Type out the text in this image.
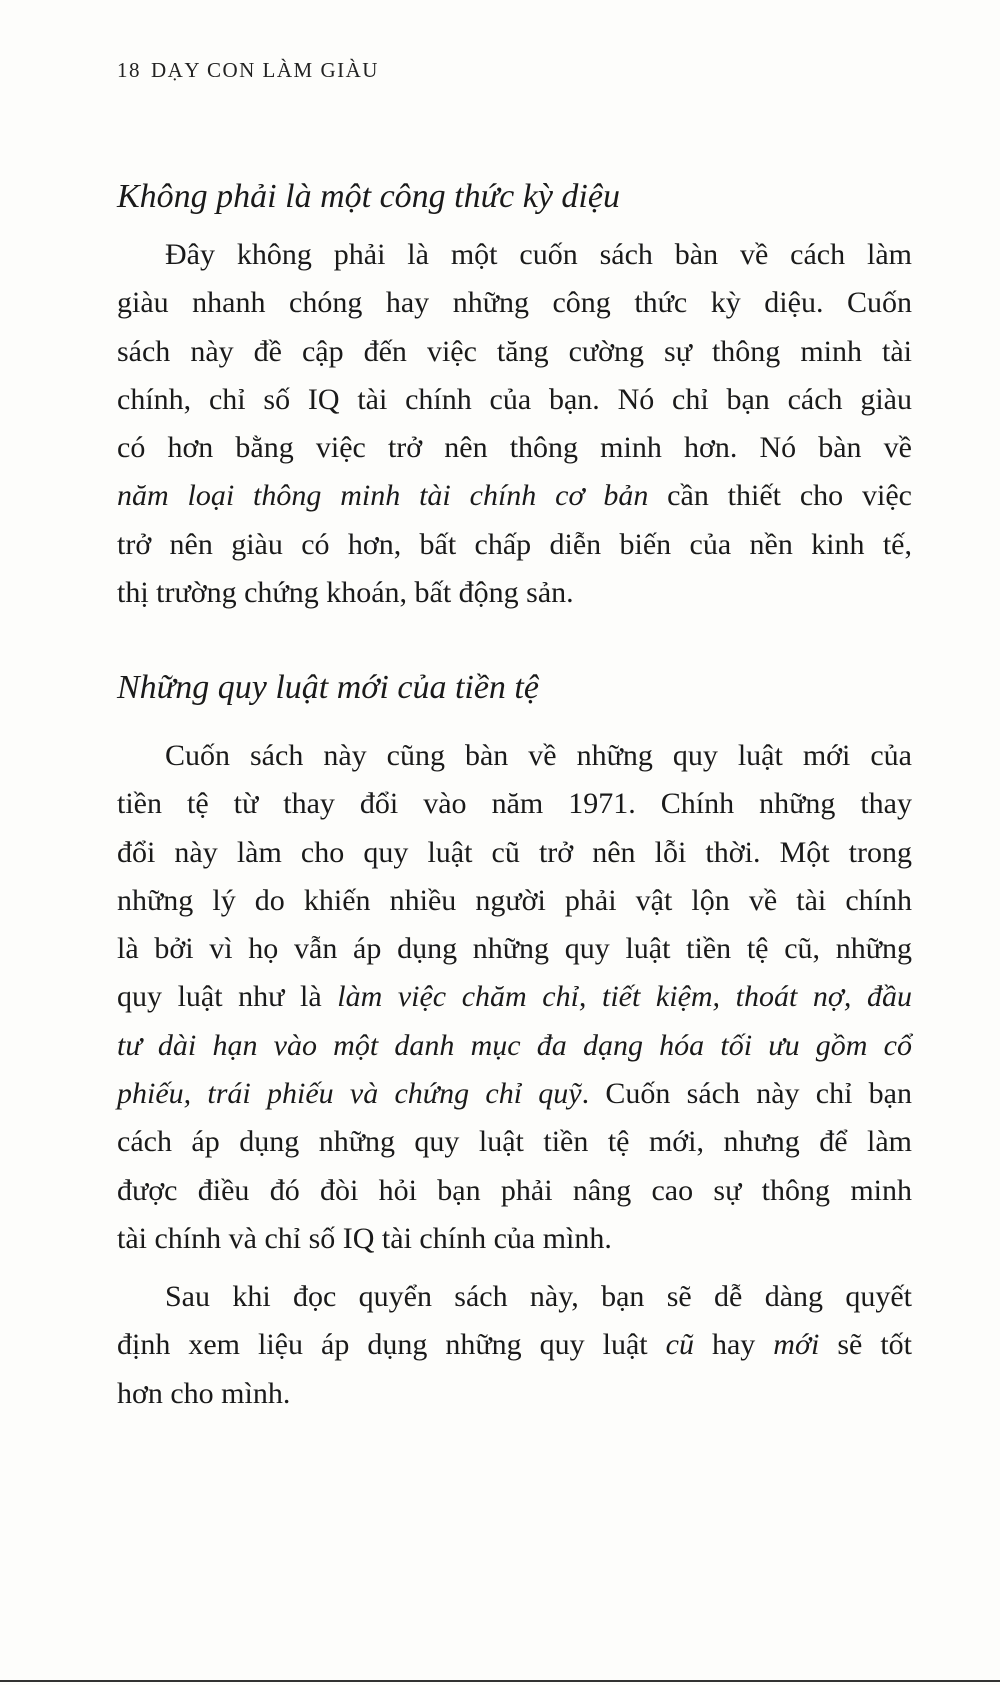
18 DẠY CON LÀM GIÀU
Không phải là một công thức kỳ diệu
Đây không phải là một cuốn sách bàn về cách làm
giàu nhanh chóng hay những công thức kỳ diệu. Cuốn
sách này đề cập đến việc tăng cường sự thông minh tài
chính, chỉ số IQ tài chính của bạn. Nó chỉ bạn cách giàu
có hơn bằng việc trở nên thông minh hơn. Nó bàn về
năm loại thông minh tài chính cơ bản cần thiết cho việc
trở nên giàu có hơn, bất chấp diễn biến của nền kinh tế,
thị trường chứng khoán, bất động sản.
Những quy luật mới của tiền tệ
Cuốn sách này cũng bàn về những quy luật mới của
tiền tệ từ thay đổi vào năm 1971. Chính những thay
đổi này làm cho quy luật cũ trở nên lỗi thời. Một trong
những lý do khiến nhiều người phải vật lộn về tài chính
là bởi vì họ vẫn áp dụng những quy luật tiền tệ cũ, những
quy luật như là làm việc chăm chỉ, tiết kiệm, thoát nợ, đầu
tư dài hạn vào một danh mục đa dạng hóa tối ưu gồm cổ
phiếu, trái phiếu và chứng chỉ quỹ. Cuốn sách này chỉ bạn
cách áp dụng những quy luật tiền tệ mới, nhưng để làm
được điều đó đòi hỏi bạn phải nâng cao sự thông minh
tài chính và chỉ số IQ tài chính của mình.
Sau khi đọc quyển sách này, bạn sẽ dễ dàng quyết
định xem liệu áp dụng những quy luật cũ hay mới sẽ tốt
hơn cho mình.
